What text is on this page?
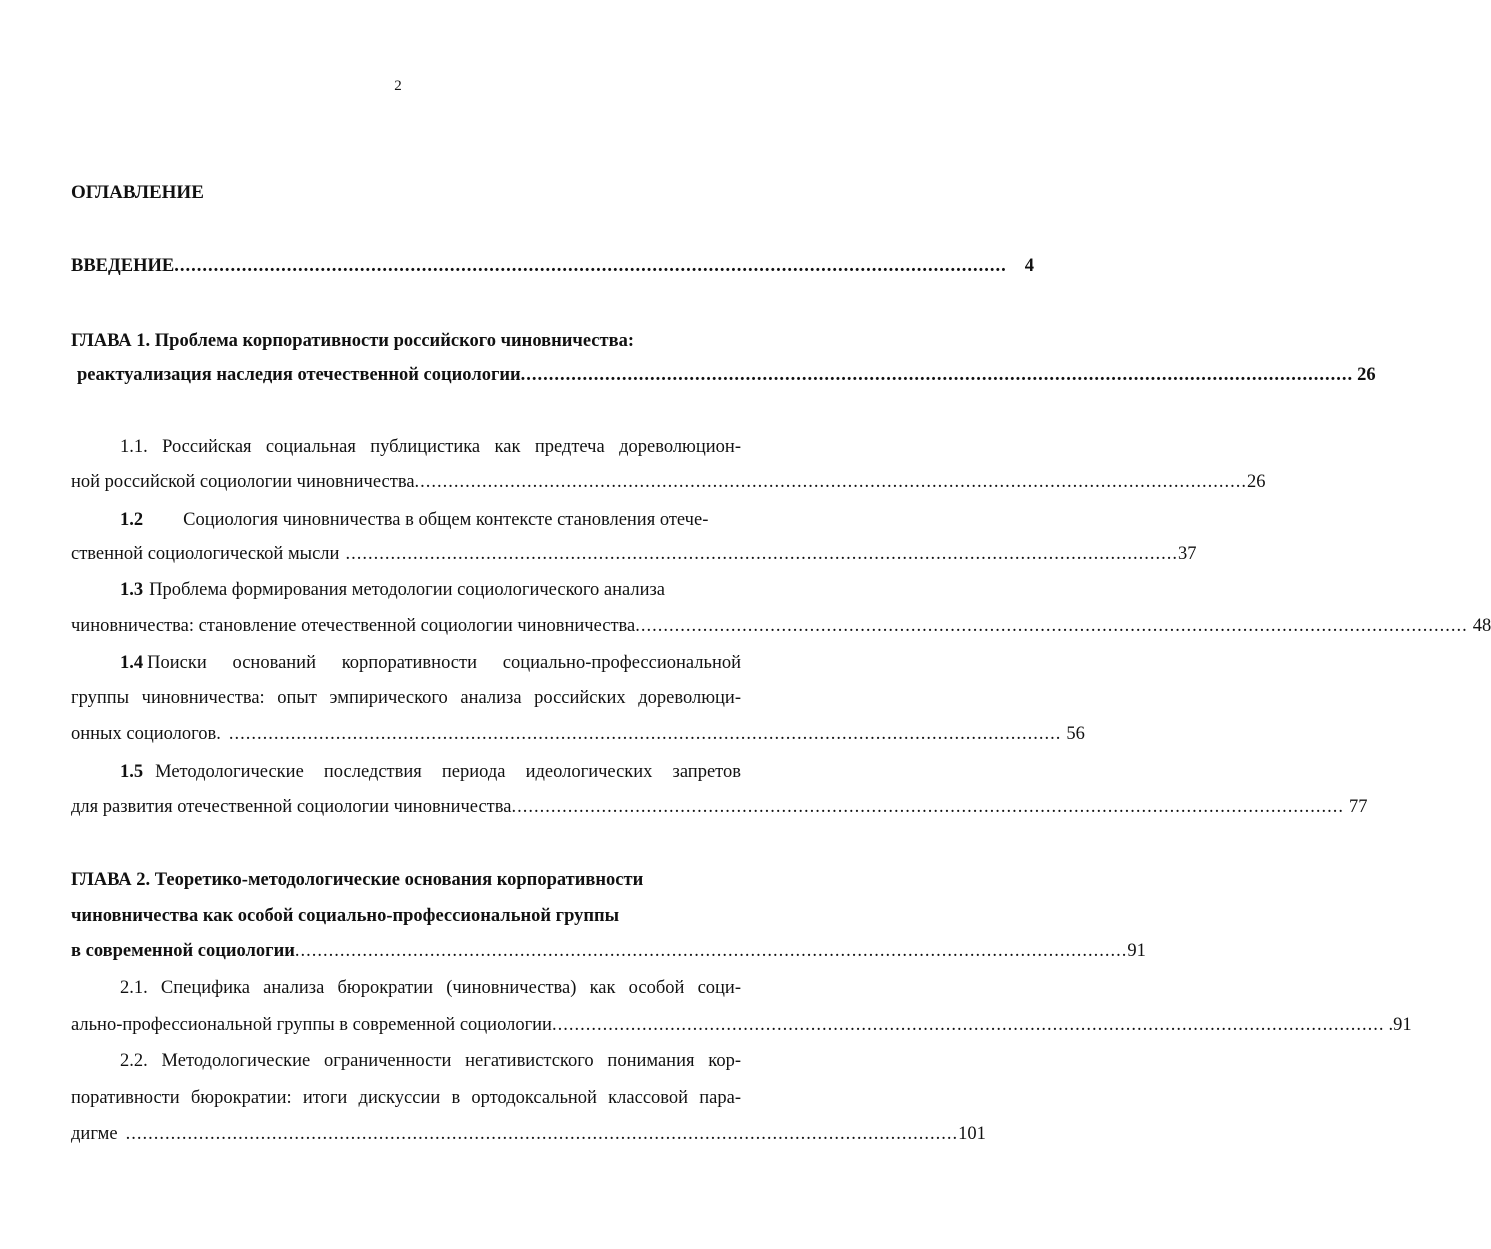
2
ОГЛАВЛЕНИЕ
ВВЕДЕНИЕ .................................................................................................................................................... 4
ГЛАВА 1. Проблема корпоративности российского чиновничества:
реактуализация наследия отечественной социологии .................................................................................................................................................... 26
1.1. Российская социальная публицистика как предтеча дореволюцион-
ной российской социологии чиновничества .................................................................................................................................................... 26
1.2 Социология чиновничества в общем контексте становления отече-
ственной социологической мысли .................................................................................................................................................... 37
1.3 Проблема формирования методологии социологического анализа
чиновничества: становление отечественной социологии чиновничества .................................................................................................................................................... 48
1.4 Поиски оснований корпоративности социально-профессиональной
группы чиновничества: опыт эмпирического анализа российских дореволюци-
онных социологов. .................................................................................................................................................... 56
1.5 Методологические последствия периода идеологических запретов
для развития отечественной социологии чиновничества .................................................................................................................................................... 77
ГЛАВА 2. Теоретико-методологические основания корпоративности
чиновничества как особой социально-профессиональной группы
в современной социологии .................................................................................................................................................... 91
2.1. Специфика анализа бюрократии (чиновничества) как особой соци-
ально-профессиональной группы в современной социологии .................................................................................................................................................... .91
2.2. Методологические ограниченности негативистского понимания кор-
поративности бюрократии: итоги дискуссии в ортодоксальной классовой пара-
дигме .................................................................................................................................................... 101
